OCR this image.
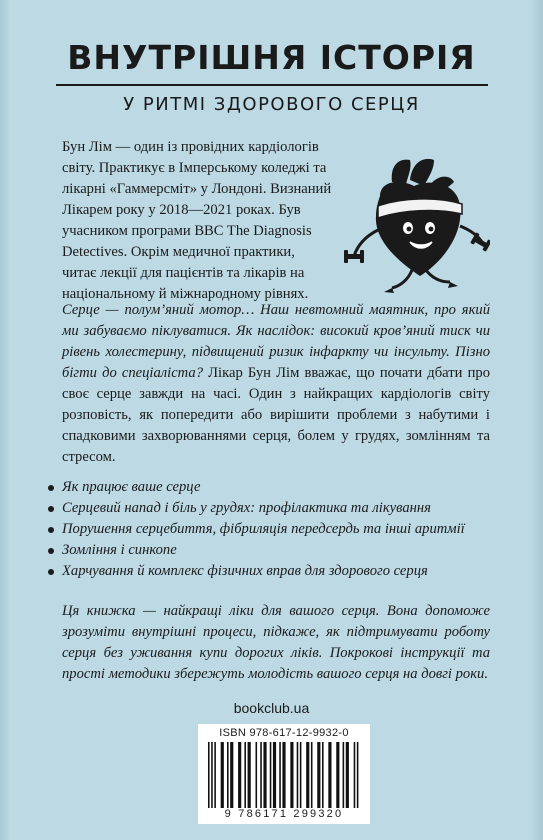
ВНУТРІШНЯ ІСТОРІЯ
У РИТМІ ЗДОРОВОГО СЕРЦЯ
Бун Лім — один із провідних кардіологів світу. Практикує в Імперському коледжі та лікарні «Гаммерсміт» у Лондоні. Визнаний Лікарем року у 2018—2021 роках. Був учасником програми BBC The Diagnosis Detectives. Окрім медичної практики, читає лекції для пацієнтів та лікарів на національному й міжнародному рівнях.
Серце — полум’яний мотор… Наш невтомний маятник, про який ми забуваємо піклуватися. Як наслідок: високий кров’яний тиск чи рівень холестерину, підвищений ризик інфаркту чи інсульту. Пізно бігти до спеціаліста? Лікар Бун Лім вважає, що почати дбати про своє серце завжди на часі. Один з найкращих кардіологів світу розповість, як попередити або вирішити проблеми з набутими і спадковими захворюваннями серця, болем у грудях, зомлінням та стресом.
Як працює ваше серце
Серцевий напад і біль у грудях: профілактика та лікування
Порушення серцебиття, фібриляція передсердь та інші аритмії
Зомління і синкопе
Харчування й комплекс фізичних вправ для здорового серця
Ця книжка — найкращі ліки для вашого серця. Вона допоможе зрозуміти внутрішні процеси, підкаже, як підтримувати роботу серця без уживання купи дорогих ліків. Покрокові інструкції та прості методики збережуть молодість вашого серця на довгі роки.
bookclub.ua
ISBN 978-617-12-9932-0
9 786171 299320
